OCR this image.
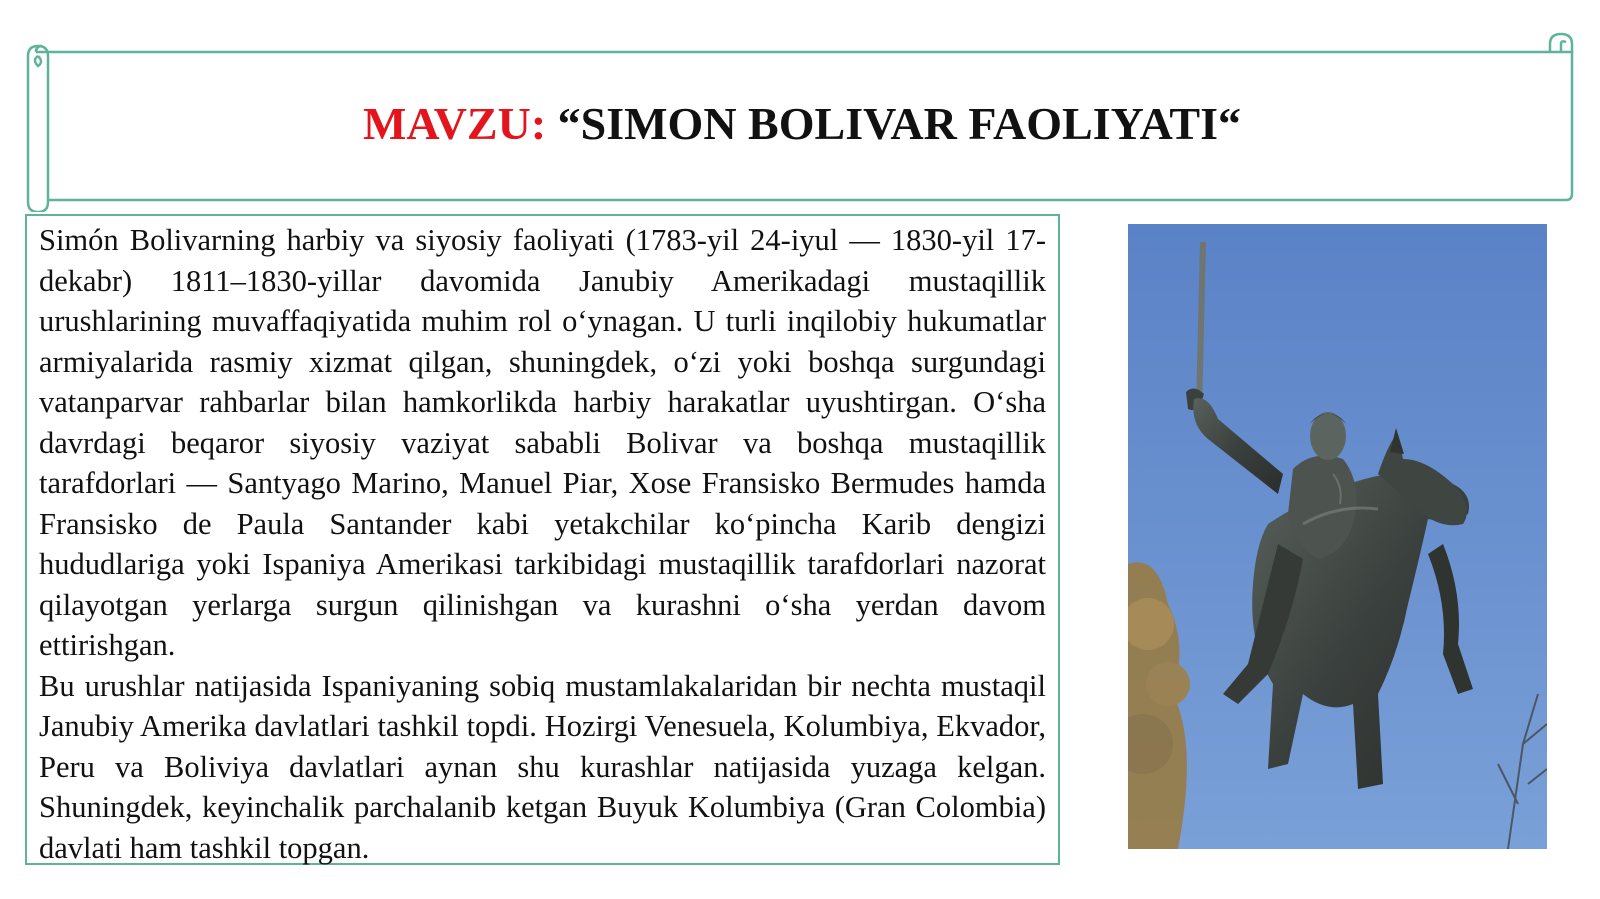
MAVZU: “SIMON BOLIVAR FAOLIYATI“

Simón Bolivarning harbiy va siyosiy faoliyati (1783-yil 24-iyul — 1830-yil 17-dekabr) 1811–1830-yillar davomida Janubiy Amerikadagi mustaqillik urushlarining muvaffaqiyatida muhim rol oʻynagan. U turli inqilobiy hukumatlar armiyalarida rasmiy xizmat qilgan, shuningdek, oʻzi yoki boshqa surgundagi vatanparvar rahbarlar bilan hamkorlikda harbiy harakatlar uyushtirgan. Oʻsha davrdagi beqaror siyosiy vaziyat sababli Bolivar va boshqa mustaqillik tarafdorlari — Santyago Marino, Manuel Piar, Xose Fransisko Bermudes hamda Fransisko de Paula Santander kabi yetakchilar koʻpincha Karib dengizi hududlariga yoki Ispaniya Amerikasi tarkibidagi mustaqillik tarafdorlari nazorat qilayotgan yerlarga surgun qilinishgan va kurashni oʻsha yerdan davom ettirishgan.

Bu urushlar natijasida Ispaniyaning sobiq mustamlakalaridan bir nechta mustaqil Janubiy Amerika davlatlari tashkil topdi. Hozirgi Venesuela, Kolumbiya, Ekvador, Peru va Boliviya davlatlari aynan shu kurashlar natijasida yuzaga kelgan. Shuningdek, keyinchalik parchalanib ketgan Buyuk Kolumbiya (Gran Colombia) davlati ham tashkil topgan.
